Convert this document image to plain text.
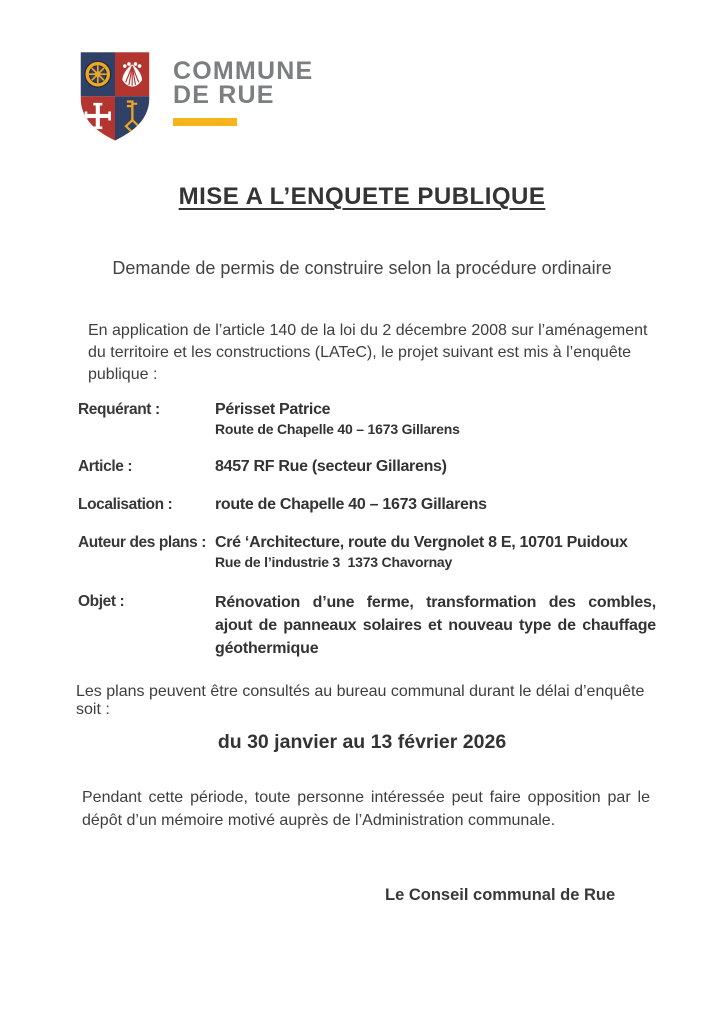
COMMUNE
DE RUE
MISE A L’ENQUETE PUBLIQUE

Demande de permis de construire selon la procédure ordinaire

En application de l’article 140 de la loi du 2 décembre 2008 sur l’aménagement du territoire et les constructions (LATeC), le projet suivant est mis à l’enquête publique :

Requérant :	Périsset Patrice
Route de Chapelle 40 – 1673 Gillarens
Article :	8457 RF Rue (secteur Gillarens)
Localisation :	route de Chapelle 40 – 1673 Gillarens
Auteur des plans : Cré ‘Architecture, route du Vergnolet 8 E, 10701 Puidoux
Rue de l’industrie 3  1373 Chavornay
Objet :	Rénovation d’une ferme, transformation des combles, ajout de panneaux solaires et nouveau type de chauffage géothermique

Les plans peuvent être consultés au bureau communal durant le délai d’enquête soit :

du 30 janvier au 13 février 2026

Pendant cette période, toute personne intéressée peut faire opposition par le dépôt d’un mémoire motivé auprès de l’Administration communale.

Le Conseil communal de Rue
